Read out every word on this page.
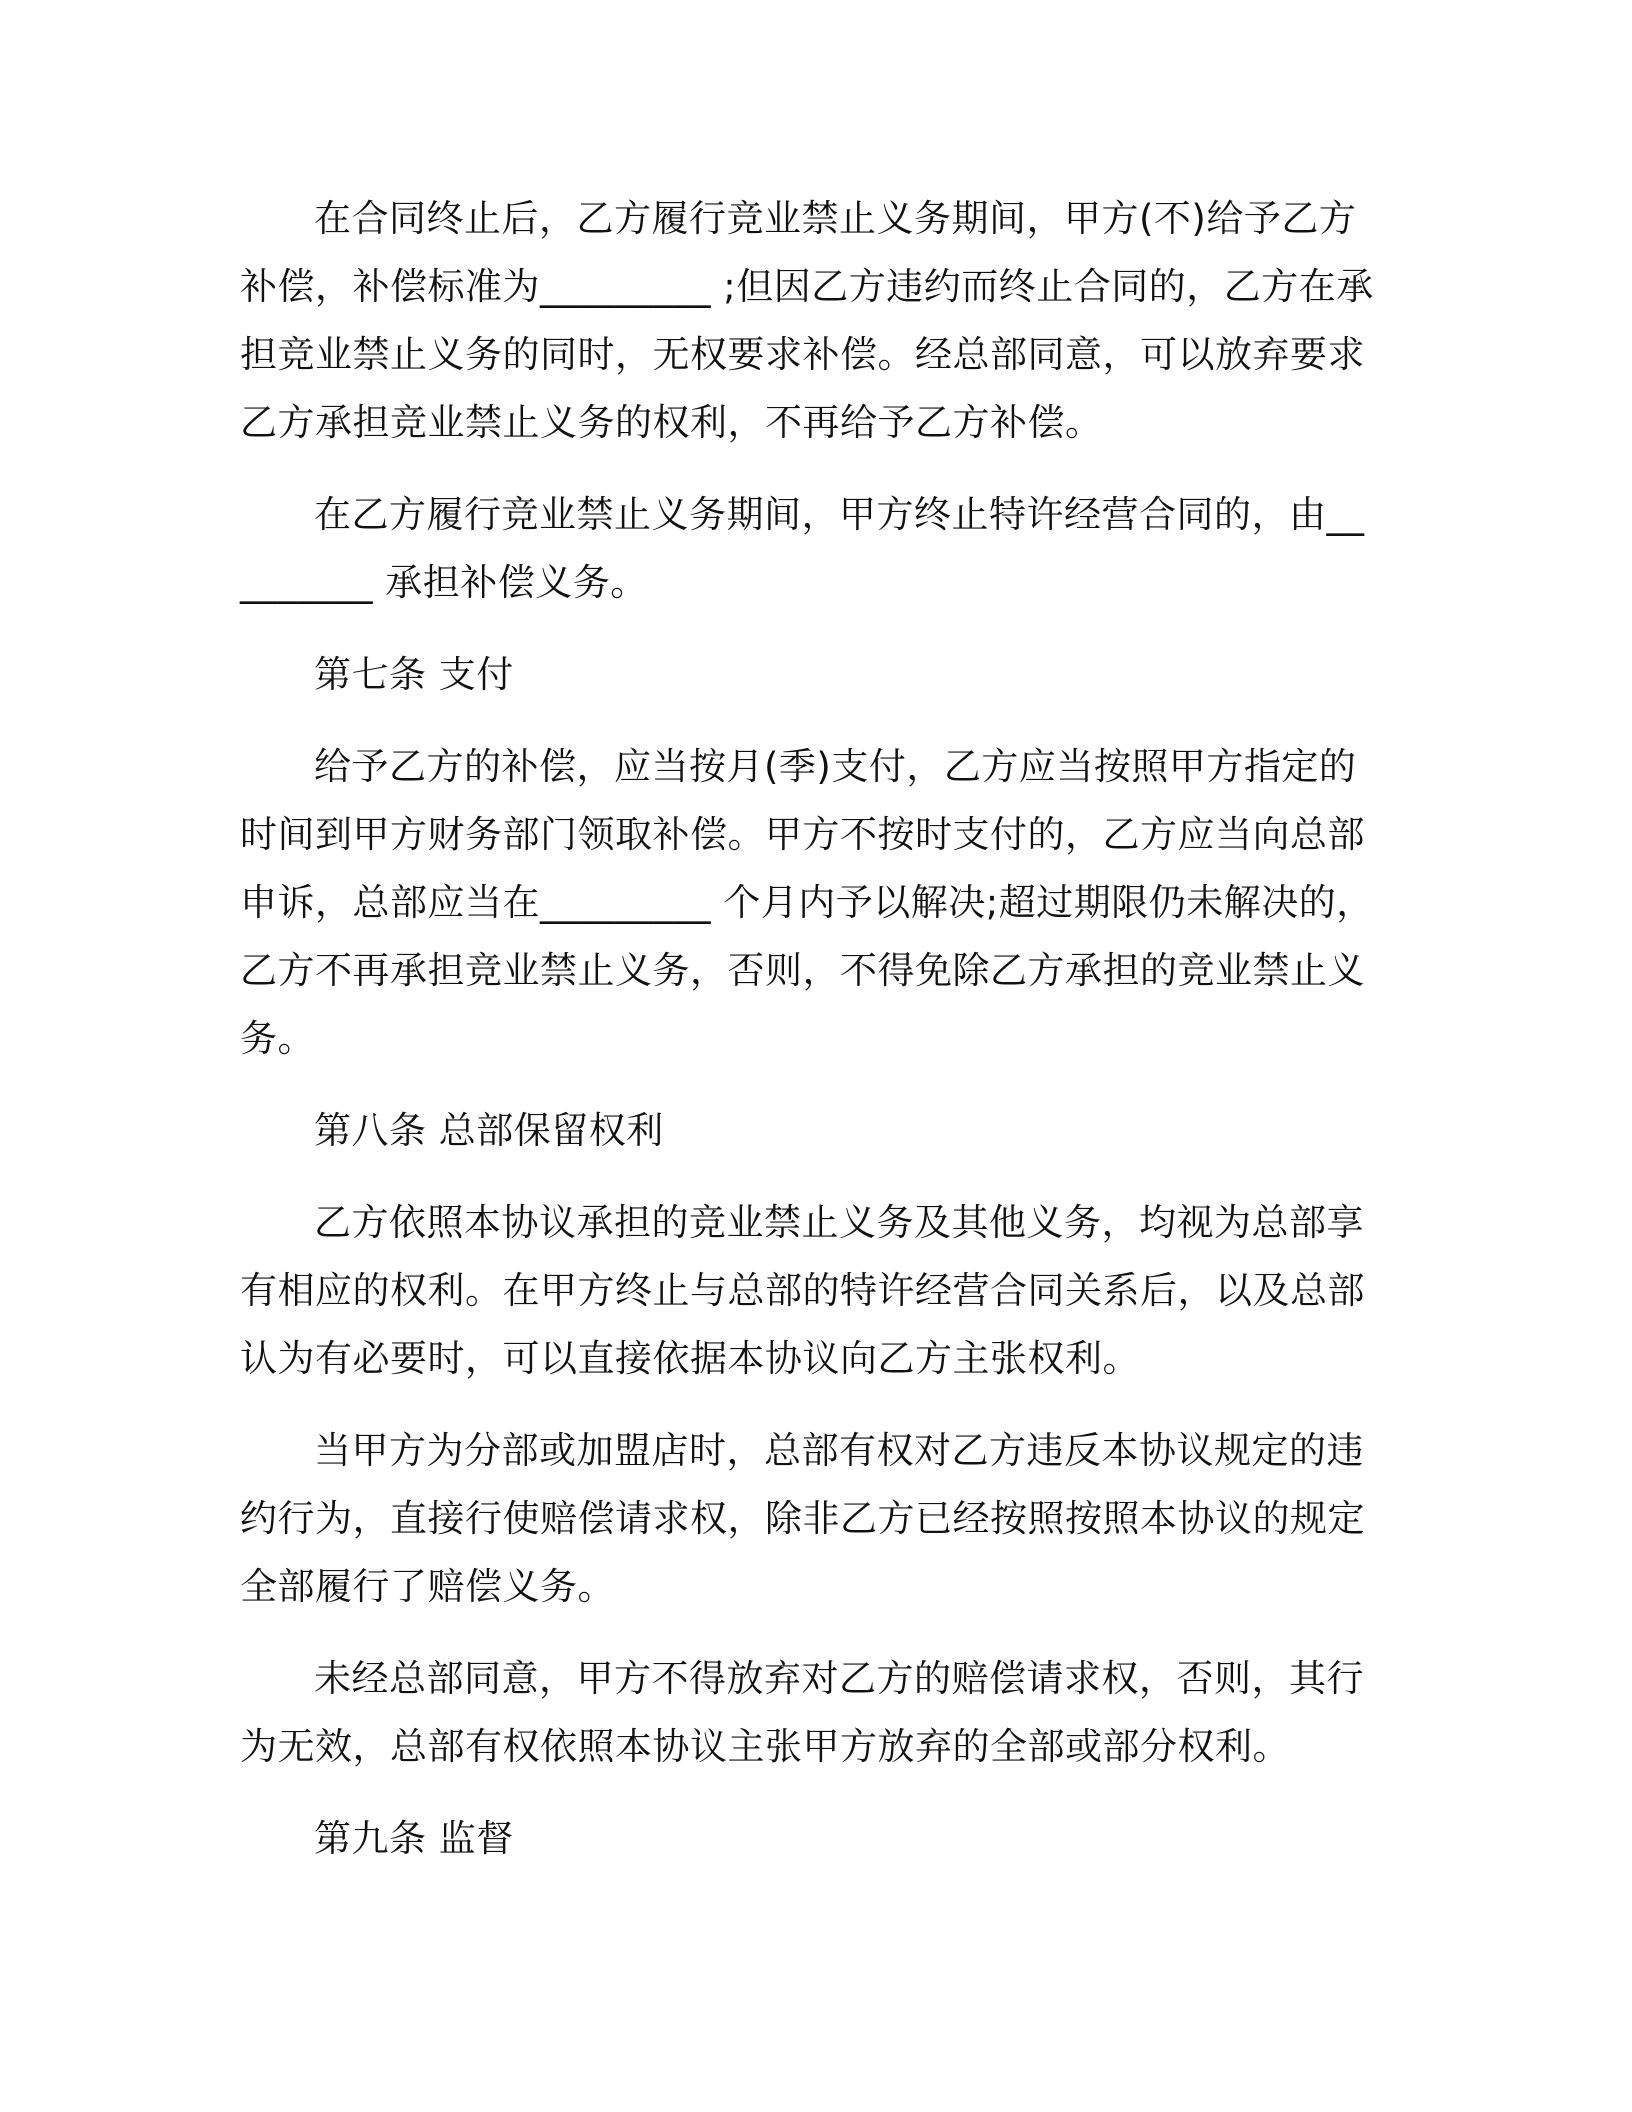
在合同终止后，乙方履行竞业禁止义务期间，甲方(不)给予乙方补偿，补偿标准为_________ ;但因乙方违约而终止合同的，乙方在承担竞业禁止义务的同时，无权要求补偿。经总部同意，可以放弃要求乙方承担竞业禁止义务的权利，不再给予乙方补偿。

在乙方履行竞业禁止义务期间，甲方终止特许经营合同的，由_________ 承担补偿义务。

第七条 支付

给予乙方的补偿，应当按月(季)支付，乙方应当按照甲方指定的时间到甲方财务部门领取补偿。甲方不按时支付的，乙方应当向总部申诉，总部应当在_________ 个月内予以解决;超过期限仍未解决的，乙方不再承担竞业禁止义务，否则，不得免除乙方承担的竞业禁止义务。

第八条 总部保留权利

乙方依照本协议承担的竞业禁止义务及其他义务，均视为总部享有相应的权利。在甲方终止与总部的特许经营合同关系后，以及总部认为有必要时，可以直接依据本协议向乙方主张权利。

当甲方为分部或加盟店时，总部有权对乙方违反本协议规定的违约行为，直接行使赔偿请求权，除非乙方已经按照按照本协议的规定全部履行了赔偿义务。

未经总部同意，甲方不得放弃对乙方的赔偿请求权，否则，其行为无效，总部有权依照本协议主张甲方放弃的全部或部分权利。

第九条 监督
